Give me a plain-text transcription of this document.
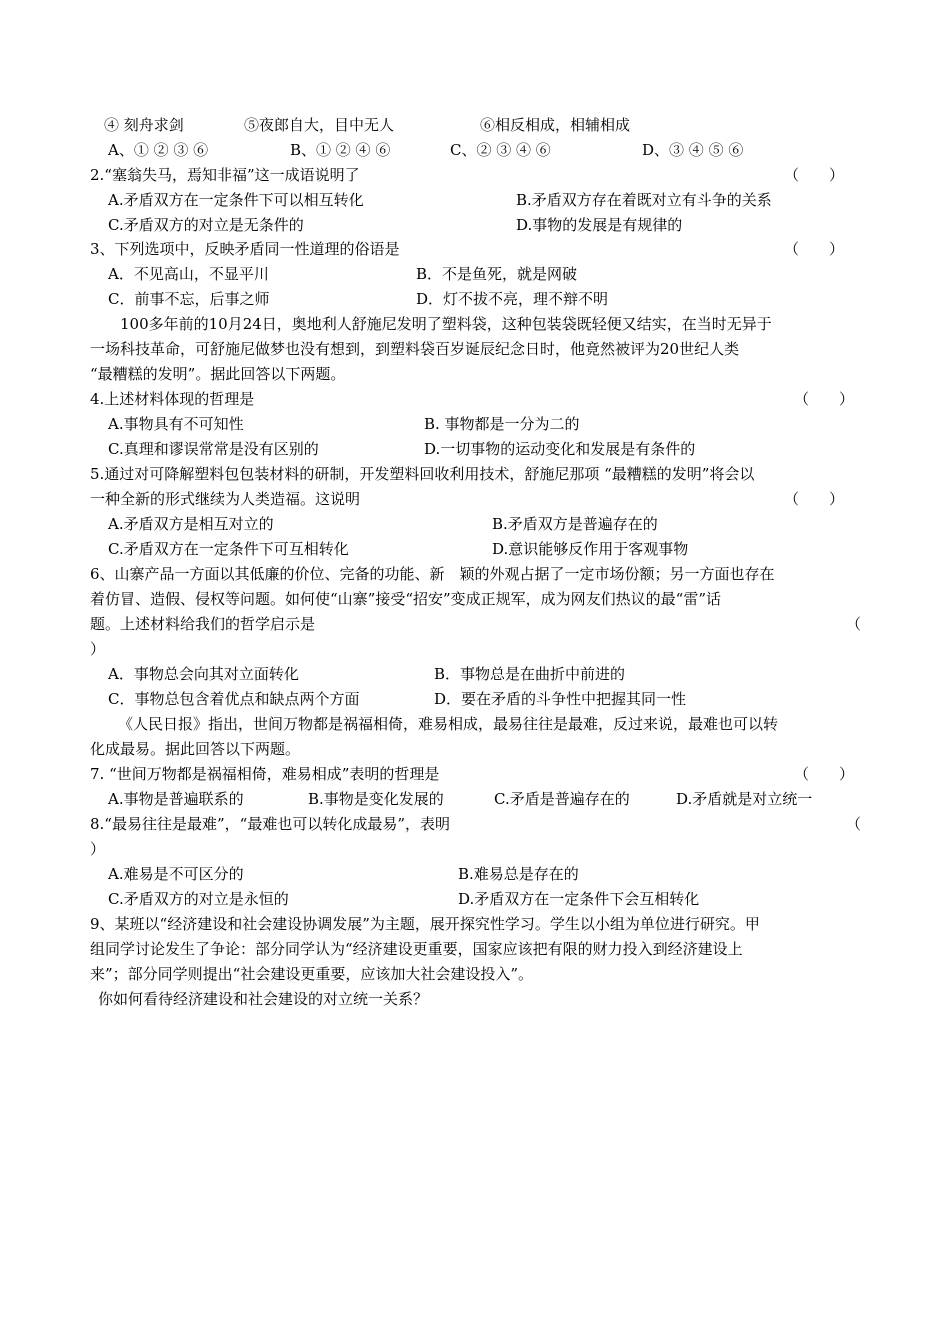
④ 刻舟求剑	⑤夜郎自大，目中无人	⑥相反相成，相辅相成
A、① ② ③ ⑥	B、① ② ④ ⑥	C、② ③ ④ ⑥	D、③ ④ ⑤ ⑥
2.“塞翁失马，焉知非福”这一成语说明了	（　　）
A.矛盾双方在一定条件下可以相互转化	B.矛盾双方存在着既对立有斗争的关系
C.矛盾双方的对立是无条件的	D.事物的发展是有规律的
3、下列选项中，反映矛盾同一性道理的俗语是	（　　）
A．不见高山，不显平川	B．不是鱼死，就是网破
C．前事不忘，后事之师	D．灯不拔不亮，理不辩不明
100多年前的10月24日，奥地利人舒施尼发明了塑料袋，这种包装袋既轻便又结实，在当时无异于
一场科技革命，可舒施尼做梦也没有想到，到塑料袋百岁诞辰纪念日时，他竟然被评为20世纪人类
“最糟糕的发明”。据此回答以下两题。
4.上述材料体现的哲理是	（　　）
A.事物具有不可知性	B. 事物都是一分为二的
C.真理和谬误常常是没有区别的	D.一切事物的运动变化和发展是有条件的
5.通过对可降解塑料包包装材料的研制，开发塑料回收利用技术，舒施尼那项 “最糟糕的发明”将会以
一种全新的形式继续为人类造福。这说明	（　　）
A.矛盾双方是相互对立的	B.矛盾双方是普遍存在的
C.矛盾双方在一定条件下可互相转化	D.意识能够反作用于客观事物
6、山寨产品一方面以其低廉的价位、完备的功能、新　颖的外观占据了一定市场份额；另一方面也存在
着仿冒、造假、侵权等问题。如何使“山寨”接受“招安”变成正规军，成为网友们热议的最“雷”话
题。上述材料给我们的哲学启示是	（
）
A．事物总会向其对立面转化	B．事物总是在曲折中前进的
C．事物总包含着优点和缺点两个方面	D．要在矛盾的斗争性中把握其同一性
《人民日报》指出，世间万物都是祸福相倚，难易相成，最易往往是最难，反过来说，最难也可以转
化成最易。据此回答以下两题。
7. “世间万物都是祸福相倚，难易相成”表明的哲理是	（　　）
A.事物是普遍联系的	B.事物是变化发展的	C.矛盾是普遍存在的	D.矛盾就是对立统一
8.“最易往往是最难”，“最难也可以转化成最易”，表明	（
）
A.难易是不可区分的	B.难易总是存在的
C.矛盾双方的对立是永恒的	D.矛盾双方在一定条件下会互相转化
9、某班以“经济建设和社会建设协调发展”为主题，展开探究性学习。学生以小组为单位进行研究。甲
组同学讨论发生了争论：部分同学认为“经济建设更重要，国家应该把有限的财力投入到经济建设上
来”；部分同学则提出“社会建设更重要，应该加大社会建设投入”。
你如何看待经济建设和社会建设的对立统一关系？
